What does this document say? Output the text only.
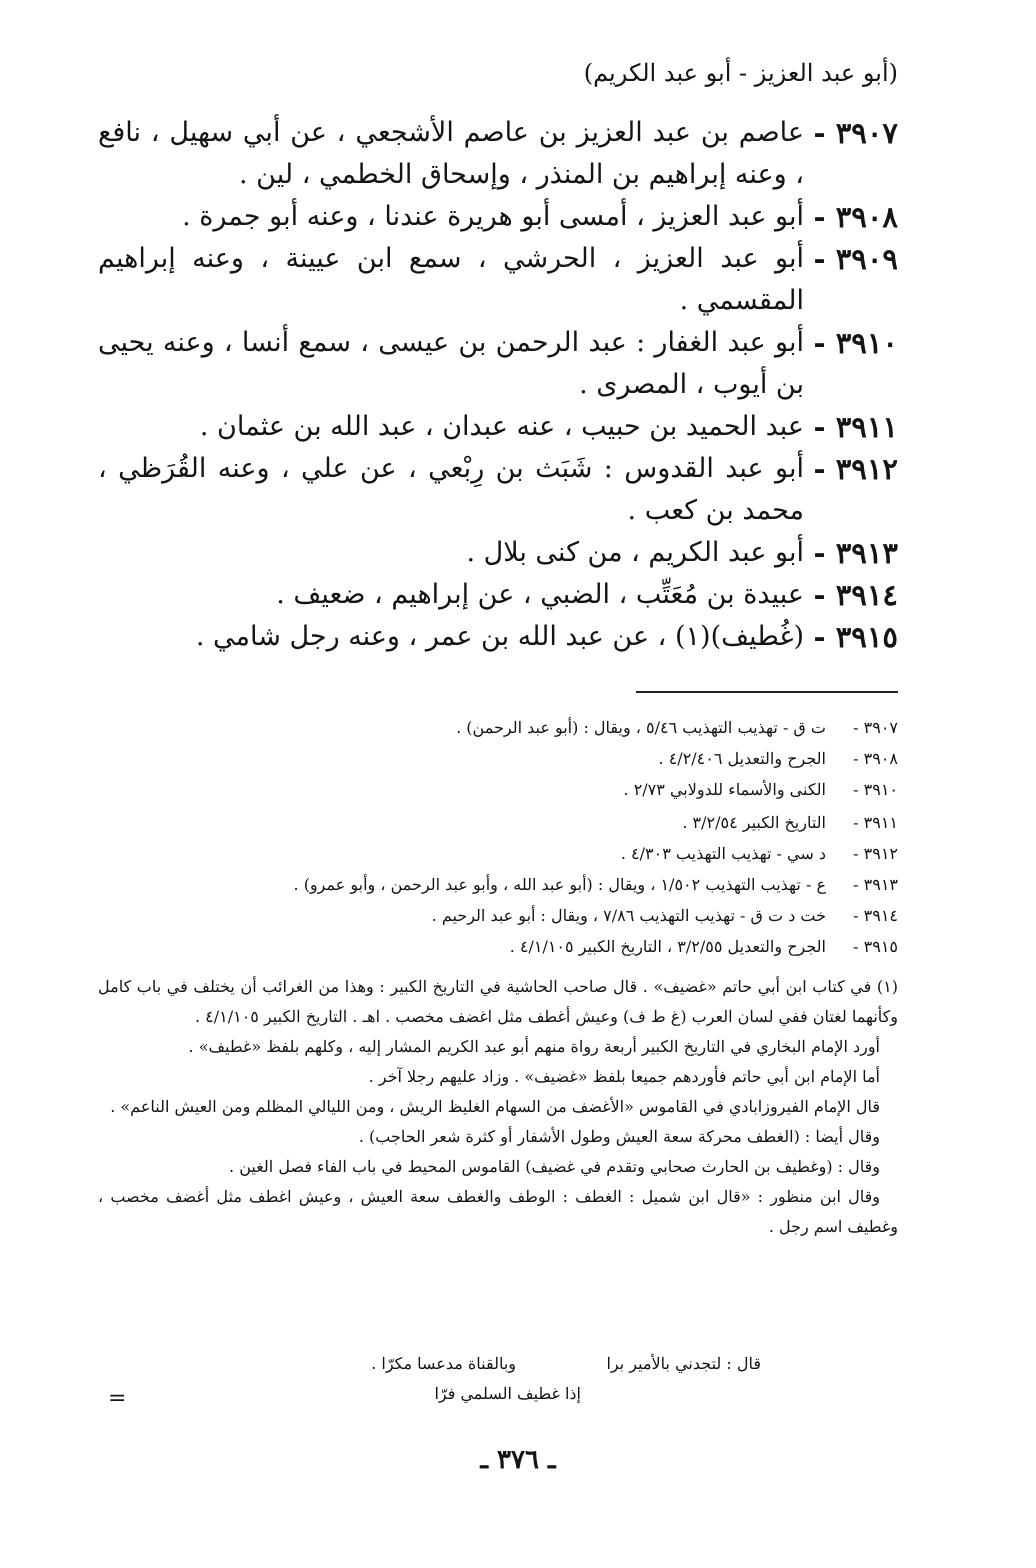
(أبو عبد العزيز - أبو عبد الكريم)
٣٩٠٧ -
عاصم بن عبد العزيز بن عاصم الأشجعي ، عن أبي سهيل ، نافع ، وعنه إبراهيم بن المنذر ، وإسحاق الخطمي ، لين .
٣٩٠٨ -
أبو عبد العزيز ، أمسى أبو هريرة عندنا ، وعنه أبو جمرة .
٣٩٠٩ -
أبو عبد العزيز ، الحرشي ، سمع ابن عيينة ، وعنه إبراهيم المقسمي .
٣٩١٠ -
أبو عبد الغفار : عبد الرحمن بن عيسى ، سمع أنسا ، وعنه يحيى بن أيوب ، المصرى .
٣٩١١ -
عبد الحميد بن حبيب ، عنه عبدان ، عبد الله بن عثمان .
٣٩١٢ -
أبو عبد القدوس : شَبَث بن رِبْعي ، عن علي ، وعنه القُرَظي ، محمد بن كعب .
٣٩١٣ -
أبو عبد الكريم ، من كنى بلال .
٣٩١٤ -
عبيدة بن مُعَتِّب ، الضبي ، عن إبراهيم ، ضعيف .
٣٩١٥ -
(غُطيف)(١) ، عن عبد الله بن عمر ، وعنه رجل شامي .
٣٩٠٧ -
ت ق - تهذيب التهذيب ٥/٤٦ ، ويقال : (أبو عبد الرحمن) .
٣٩٠٨ -
الجرح والتعديل ٤/٢/٤٠٦ .
٣٩١٠ -
الكنى والأسماء للدولابي ٢/٧٣ .
٣٩١١ -
التاريخ الكبير ٣/٢/٥٤ .
٣٩١٢ -
د سي - تهذيب التهذيب ٤/٣٠٣ .
٣٩١٣ -
ع - تهذيب التهذيب ١/٥٠٢ ، ويقال : (أبو عبد الله ، وأبو عبد الرحمن ، وأبو عمرو) .
٣٩١٤ -
خت د ت ق - تهذيب التهذيب ٧/٨٦ ، ويقال : أبو عبد الرحيم .
٣٩١٥ -
الجرح والتعديل ٣/٢/٥٥ ، التاريخ الكبير ٤/١/١٠٥ .

(١) في كتاب ابن أبي حاتم «غضيف» . قال صاحب الحاشية في التاريخ الكبير : وهذا من الغرائب أن يختلف في باب كامل وكأنهما لغتان ففي لسان العرب (غ ط ف) وعيش أغطف مثل اغضف مخصب . اهـ . التاريخ الكبير ٤/١/١٠٥ .

أورد الإمام البخاري في التاريخ الكبير أربعة رواة منهم أبو عبد الكريم المشار إليه ، وكلهم بلفظ «غطيف» .

أما الإمام ابن أبي حاتم فأوردهم جميعا بلفظ «غضيف» . وزاد عليهم رجلا آخر .

قال الإمام الفيروزابادي في القاموس «الأغضف من السهام الغليظ الريش ، ومن الليالي المظلم ومن العيش الناعم» .

وقال أيضا : (الغطف محركة سعة العيش وطول الأشفار أو كثرة شعر الحاجب) .

وقال : (وغطيف بن الحارث صحابي وتقدم في غضيف) القاموس المحيط في باب الفاء فصل الغين .

وقال ابن منظور : «قال ابن شميل : الغطف : الوطف والغطف سعة العيش ، وعيش اغطف مثل أغضف مخصب ، وغطيف اسم رجل .

قال : لتجدني بالأمير برا
وبالقناة مدعسا مكرّا .
إذا غطيف السلمي فرّا
=
ـ ٣٧٦ ـ
